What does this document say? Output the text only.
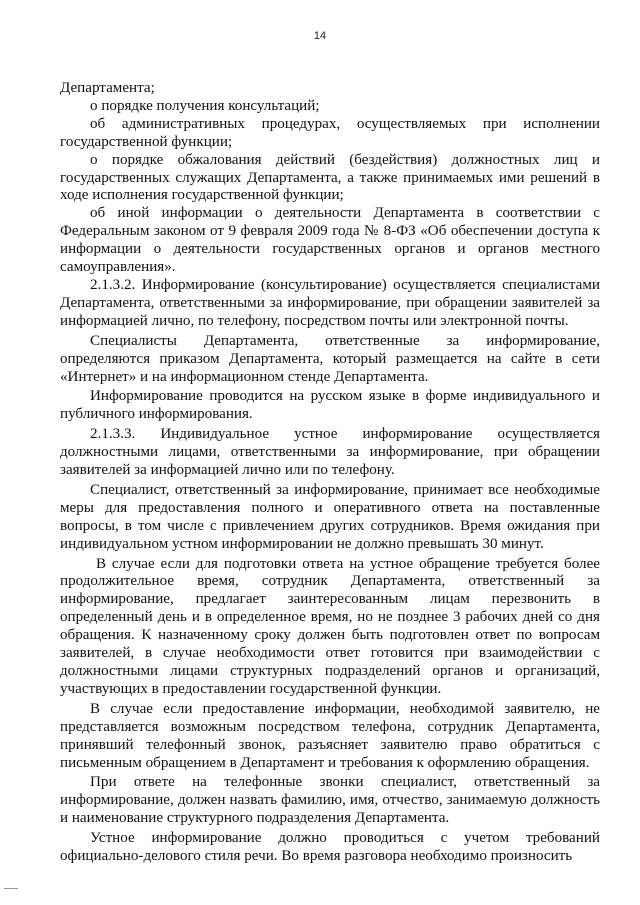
14

Департамента;

о порядке получения консультаций;

об административных процедурах, осуществляемых при исполнении государственной функции;

о порядке обжалования действий (бездействия) должностных лиц и государственных служащих Департамента, а также принимаемых ими решений в ходе исполнения государственной функции;

об иной информации о деятельности Департамента в соответствии с Федеральным законом от 9 февраля 2009 года № 8-ФЗ «Об обеспечении доступа к информации о деятельности государственных органов и органов местного самоуправления».

2.1.3.2. Информирование (консультирование) осуществляется специалистами Департамента, ответственными за информирование, при обращении заявителей за информацией лично, по телефону, посредством почты или электронной почты.

Специалисты Департамента, ответственные за информирование, определяются приказом Департамента, который размещается на сайте в сети «Интернет» и на информационном стенде Департамента.

Информирование проводится на русском языке в форме индивидуального и публичного информирования.

2.1.3.3. Индивидуальное устное информирование осуществляется должностными лицами, ответственными за информирование, при обращении заявителей за информацией лично или по телефону.

Специалист, ответственный за информирование, принимает все необходимые меры для предоставления полного и оперативного ответа на поставленные вопросы, в том числе с привлечением других сотрудников. Время ожидания при индивидуальном устном информировании не должно превышать 30 минут.

В случае если для подготовки ответа на устное обращение требуется более продолжительное время, сотрудник Департамента, ответственный за информирование, предлагает заинтересованным лицам перезвонить в определенный день и в определенное время, но не позднее 3 рабочих дней со дня обращения. К назначенному сроку должен быть подготовлен ответ по вопросам заявителей, в случае необходимости ответ готовится при взаимодействии с должностными лицами структурных подразделений органов и организаций, участвующих в предоставлении государственной функции.

В случае если предоставление информации, необходимой заявителю, не представляется возможным посредством телефона, сотрудник Департамента, принявший телефонный звонок, разъясняет заявителю право обратиться с письменным обращением в Департамент и требования к оформлению обращения.

При ответе на телефонные звонки специалист, ответственный за информирование, должен назвать фамилию, имя, отчество, занимаемую должность и наименование структурного подразделения Департамента.

Устное информирование должно проводиться с учетом требований официально-делового стиля речи. Во время разговора необходимо произносить
